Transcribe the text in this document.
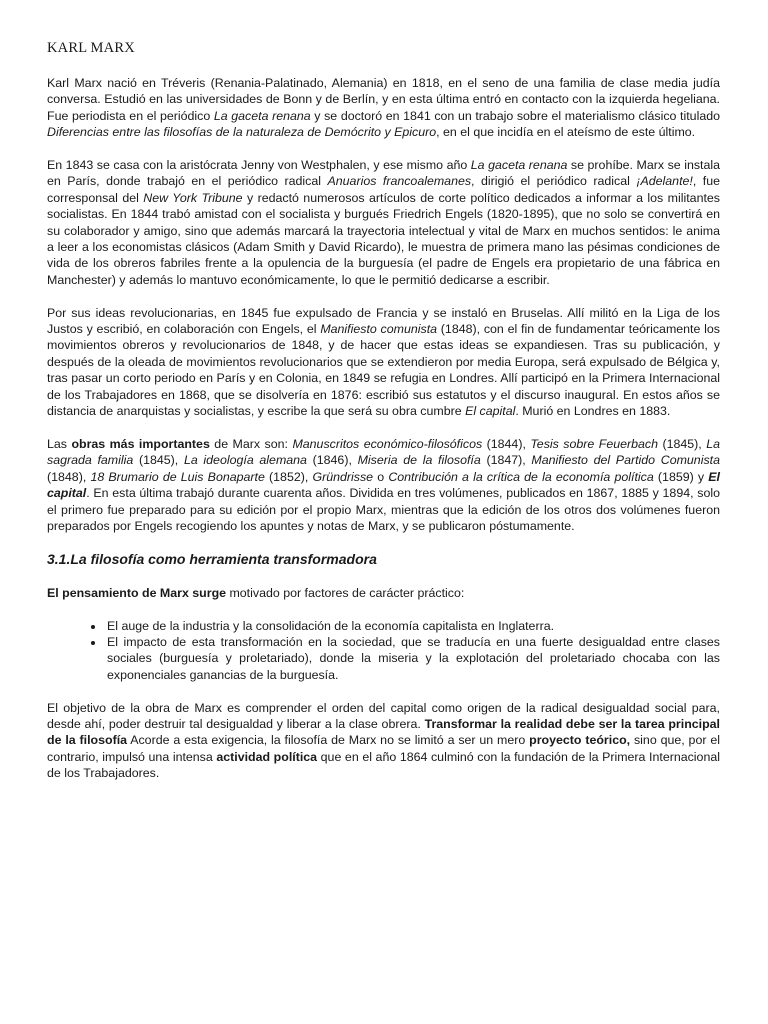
KARL MARX

Karl Marx nació en Tréveris (Renania-Palatinado, Alemania) en 1818, en el seno de una familia de clase media judía conversa. Estudió en las universidades de Bonn y de Berlín, y en esta última entró en contacto con la izquierda hegeliana. Fue periodista en el periódico La gaceta renana y se doctoró en 1841 con un trabajo sobre el materialismo clásico titulado Diferencias entre las filosofías de la naturaleza de Demócrito y Epicuro, en el que incidía en el ateísmo de este último.

En 1843 se casa con la aristócrata Jenny von Westphalen, y ese mismo año La gaceta renana se prohíbe. Marx se instala en París, donde trabajó en el periódico radical Anuarios francoalemanes, dirigió el periódico radical ¡Adelante!, fue corresponsal del New York Tribune y redactó numerosos artículos de corte político dedicados a informar a los militantes socialistas. En 1844 trabó amistad con el socialista y burgués Friedrich Engels (1820-1895), que no solo se convertirá en su colaborador y amigo, sino que además marcará la trayectoria intelectual y vital de Marx en muchos sentidos: le anima a leer a los economistas clásicos (Adam Smith y David Ricardo), le muestra de primera mano las pésimas condiciones de vida de los obreros fabriles frente a la opulencia de la burguesía (el padre de Engels era propietario de una fábrica en Manchester) y además lo mantuvo económicamente, lo que le permitió dedicarse a escribir.

Por sus ideas revolucionarias, en 1845 fue expulsado de Francia y se instaló en Bruselas. Allí militó en la Liga de los Justos y escribió, en colaboración con Engels, el Manifiesto comunista (1848), con el fin de fundamentar teóricamente los movimientos obreros y revolucionarios de 1848, y de hacer que estas ideas se expandiesen. Tras su publicación, y después de la oleada de movimientos revolucionarios que se extendieron por media Europa, será expulsado de Bélgica y, tras pasar un corto periodo en París y en Colonia, en 1849 se refugia en Londres. Allí participó en la Primera Internacional de los Trabajadores en 1868, que se disolvería en 1876: escribió sus estatutos y el discurso inaugural. En estos años se distancia de anarquistas y socialistas, y escribe la que será su obra cumbre El capital. Murió en Londres en 1883.

Las obras más importantes de Marx son: Manuscritos económico-filosóficos (1844), Tesis sobre Feuerbach (1845), La sagrada familia (1845), La ideología alemana (1846), Miseria de la filosofía (1847), Manifiesto del Partido Comunista (1848), 18 Brumario de Luis Bonaparte (1852), Gründrisse o Contribución a la crítica de la economía política (1859) y El capital. En esta última trabajó durante cuarenta años. Dividida en tres volúmenes, publicados en 1867, 1885 y 1894, solo el primero fue preparado para su edición por el propio Marx, mientras que la edición de los otros dos volúmenes fueron preparados por Engels recogiendo los apuntes y notas de Marx, y se publicaron póstumamente.

3.1.La filosofía como herramienta transformadora

El pensamiento de Marx surge motivado por factores de carácter práctico:

• El auge de la industria y la consolidación de la economía capitalista en Inglaterra.
• El impacto de esta transformación en la sociedad, que se traducía en una fuerte desigualdad entre clases sociales (burguesía y proletariado), donde la miseria y la explotación del proletariado chocaba con las exponenciales ganancias de la burguesía.

El objetivo de la obra de Marx es comprender el orden del capital como origen de la radical desigualdad social para, desde ahí, poder destruir tal desigualdad y liberar a la clase obrera. Transformar la realidad debe ser la tarea principal de la filosofía Acorde a esta exigencia, la filosofía de Marx no se limitó a ser un mero proyecto teórico, sino que, por el contrario, impulsó una intensa actividad política que en el año 1864 culminó con la fundación de la Primera Internacional de los Trabajadores.
